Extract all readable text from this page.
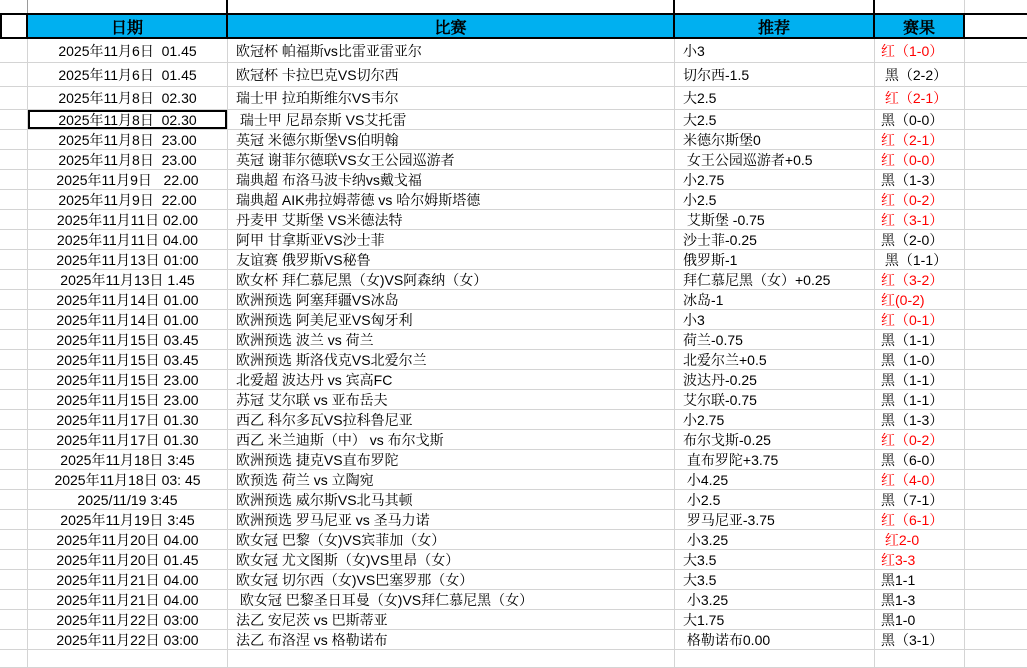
日期	比赛	推荐	赛果
2025年11月6日  01.45	欧冠杯 帕福斯vs比雷亚雷亚尔	小3	红（1-0）
2025年11月6日  01.45	欧冠杯 卡拉巴克VS切尔西	切尔西-1.5	黑（2-2）
2025年11月8日  02.30	瑞士甲 拉珀斯维尔VS韦尔	大2.5	红（2-1）
2025年11月8日  02.30	瑞士甲 尼昂奈斯 VS艾托雷	大2.5	黑（0-0）
2025年11月8日  23.00	英冠 米德尔斯堡VS伯明翰	米德尔斯堡0	红（2-1）
2025年11月8日  23.00	英冠 谢菲尔德联VS女王公园巡游者	女王公园巡游者+0.5	红（0-0）
2025年11月9日   22.00	瑞典超 布洛马波卡纳vs戴戈福	小2.75	黑（1-3）
2025年11月9日  22.00	瑞典超 AIK弗拉姆蒂德 vs 哈尔姆斯塔德	小2.5	红（0-2）
2025年11月11日 02.00	丹麦甲 艾斯堡 VS米德法特	艾斯堡 -0.75	红（3-1）
2025年11月11日 04.00	阿甲 甘拿斯亚VS沙士菲	沙士菲-0.25	黑（2-0）
2025年11月13日 01:00	友谊赛 俄罗斯VS秘鲁	俄罗斯-1	黑（1-1）
2025年11月13日 1.45	欧女杯 拜仁慕尼黑（女)VS阿森纳（女）	拜仁慕尼黑（女）+0.25	红（3-2）
2025年11月14日 01.00	欧洲预选 阿塞拜疆VS冰岛	冰岛-1	红(0-2)
2025年11月14日 01.00	欧洲预选 阿美尼亚VS匈牙利	小3	红（0-1）
2025年11月15日 03.45	欧洲预选 波兰 vs 荷兰	荷兰-0.75	黑（1-1）
2025年11月15日 03.45	欧洲预选 斯洛伐克VS北爱尔兰	北爱尔兰+0.5	黑（1-0）
2025年11月15日 23.00	北爱超 波达丹 vs 宾高FC	波达丹-0.25	黑（1-1）
2025年11月15日 23.00	苏冠 艾尔联 vs 亚布岳夫	艾尔联-0.75	黑（1-1）
2025年11月17日 01.30	西乙 科尔多瓦VS拉科鲁尼亚	小2.75	黑（1-3）
2025年11月17日 01.30	西乙 米兰迪斯（中） vs 布尔戈斯	布尔戈斯-0.25	红（0-2）
2025年11月18日 3:45	欧洲预选 捷克VS直布罗陀	直布罗陀+3.75	黑（6-0）
2025年11月18日 03: 45	欧预选 荷兰 vs 立陶宛	小4.25	红（4-0）
2025/11/19 3:45	欧洲预选 威尔斯VS北马其顿	小2.5	黑（7-1）
2025年11月19日 3:45	欧洲预选 罗马尼亚 vs 圣马力诺	罗马尼亚-3.75	红（6-1）
2025年11月20日 04.00	欧女冠 巴黎（女)VS宾菲加（女）	小3.25	红2-0
2025年11月20日 01.45	欧女冠 尤文图斯（女)VS里昂（女）	大3.5	红3-3
2025年11月21日 04.00	欧女冠 切尔西（女)VS巴塞罗那（女）	大3.5	黑1-1
2025年11月21日 04.00	欧女冠 巴黎圣日耳曼（女)VS拜仁慕尼黑（女）	小3.25	黑1-3
2025年11月22日 03:00	法乙 安尼茨 vs 巴斯蒂亚	大1.75	黑1-0
2025年11月22日 03:00	法乙 布洛涅 vs 格勒诺布	格勒诺布0.00	黑（3-1）
